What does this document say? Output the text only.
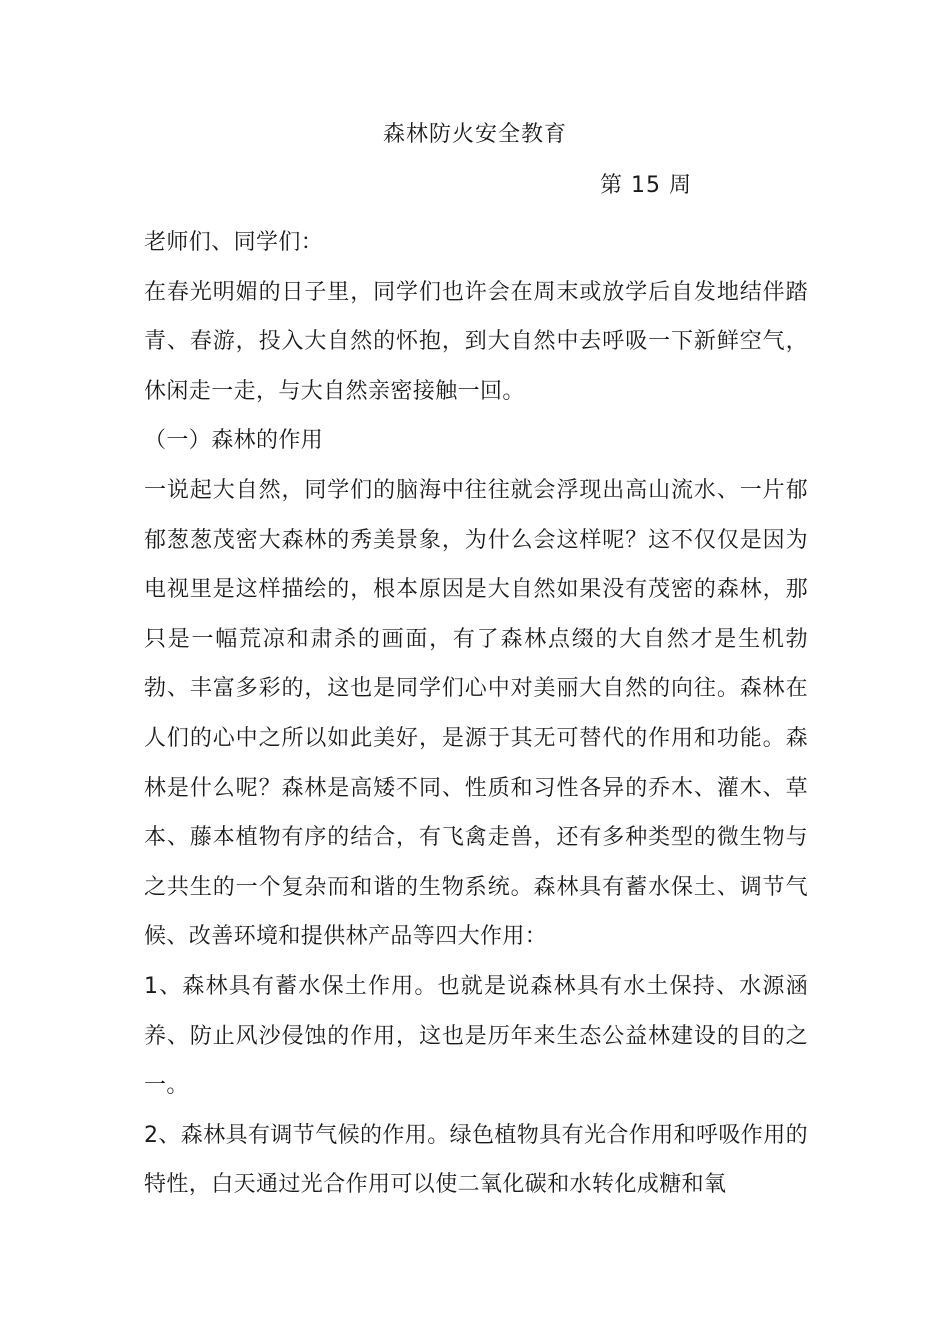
森林防火安全教育
第 15 周

老师们、同学们：

在春光明媚的日子里，同学们也许会在周末或放学后自发地结伴踏青、春游，投入大自然的怀抱，到大自然中去呼吸一下新鲜空气，休闲走一走，与大自然亲密接触一回。

（一）森林的作用

一说起大自然，同学们的脑海中往往就会浮现出高山流水、一片郁郁葱葱茂密大森林的秀美景象，为什么会这样呢？这不仅仅是因为电视里是这样描绘的，根本原因是大自然如果没有茂密的森林，那只是一幅荒凉和肃杀的画面，有了森林点缀的大自然才是生机勃勃、丰富多彩的，这也是同学们心中对美丽大自然的向往。森林在人们的心中之所以如此美好，是源于其无可替代的作用和功能。森林是什么呢？森林是高矮不同、性质和习性各异的乔木、灌木、草本、藤本植物有序的结合，有飞禽走兽，还有多种类型的微生物与之共生的一个复杂而和谐的生物系统。森林具有蓄水保土、调节气候、改善环境和提供林产品等四大作用：

1、森林具有蓄水保土作用。也就是说森林具有水土保持、水源涵养、防止风沙侵蚀的作用，这也是历年来生态公益林建设的目的之一。

2、森林具有调节气候的作用。绿色植物具有光合作用和呼吸作用的特性，白天通过光合作用可以使二氧化碳和水转化成糖和氧
